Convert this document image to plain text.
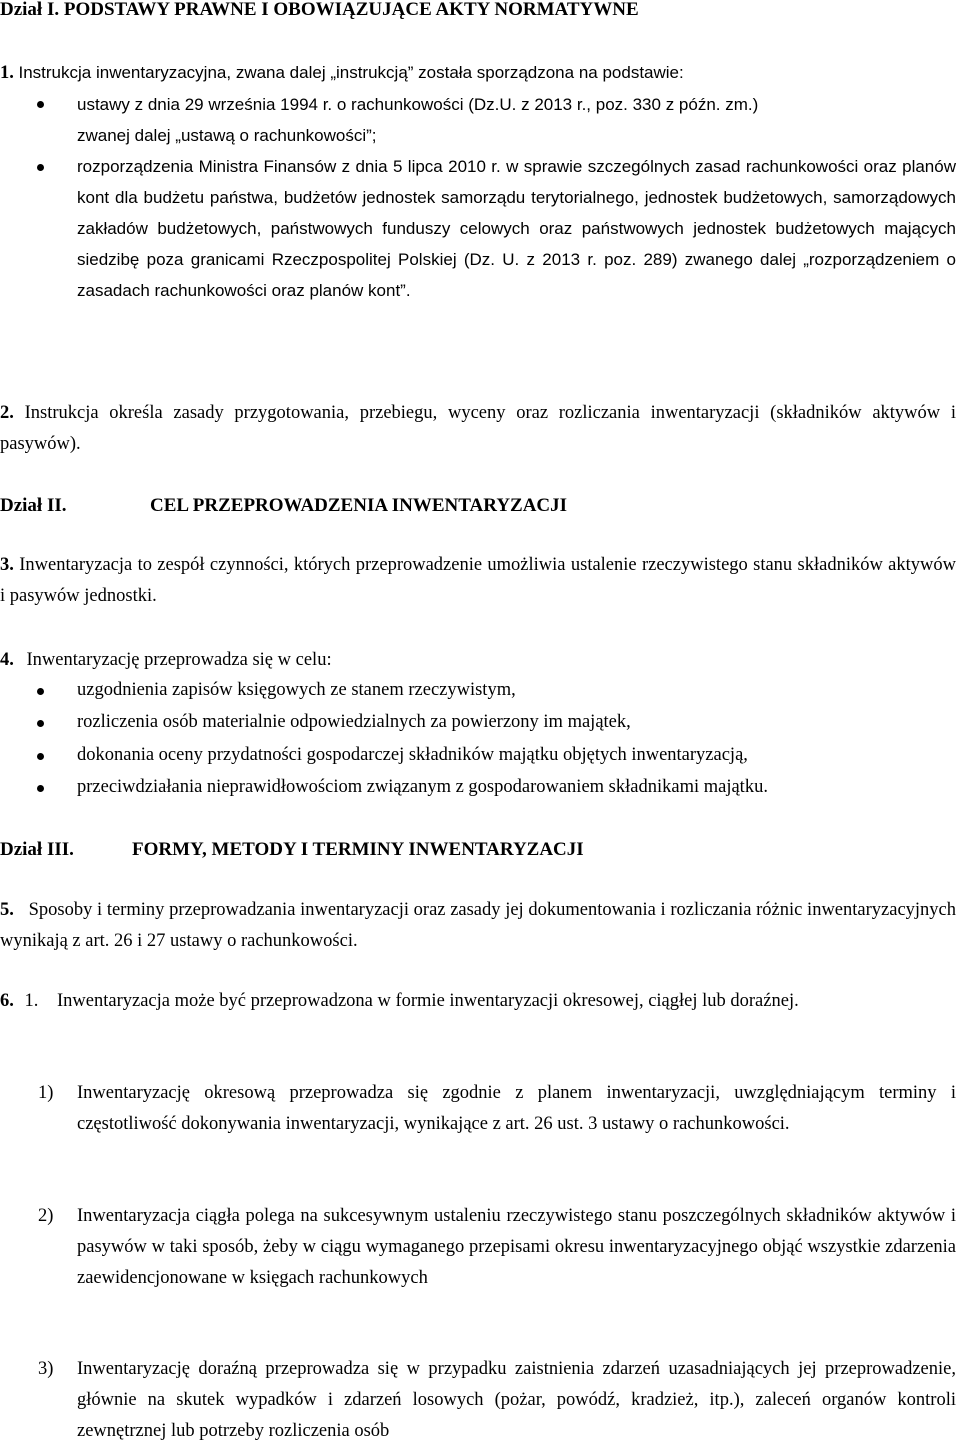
Dział I. PODSTAWY PRAWNE I OBOWIĄZUJĄCE AKTY NORMATYWNE
1. Instrukcja inwentaryzacyjna, zwana dalej „instrukcją” została sporządzona na podstawie:
ustawy z dnia 29 września 1994 r. o rachunkowości (Dz.U. z 2013 r., poz. 330 z późn. zm.)
zwanej dalej „ustawą o rachunkowości”;
rozporządzenia Ministra Finansów z dnia 5 lipca 2010 r. w sprawie szczególnych zasad rachunkowości oraz planów kont dla budżetu państwa, budżetów jednostek samorządu terytorialnego, jednostek budżetowych, samorządowych zakładów budżetowych, państwowych funduszy celowych oraz państwowych jednostek budżetowych mających siedzibę poza granicami Rzeczpospolitej Polskiej (Dz. U. z 2013 r. poz. 289) zwanego dalej „rozporządzeniem o zasadach rachunkowości oraz planów kont”.
2. Instrukcja określa zasady przygotowania, przebiegu, wyceny oraz rozliczania inwentaryzacji (składników aktywów i pasywów).
Dział II.	CEL PRZEPROWADZENIA INWENTARYZACJI
3. Inwentaryzacja to zespół czynności, których przeprowadzenie umożliwia ustalenie rzeczywistego stanu składników aktywów i pasywów jednostki.
4. Inwentaryzację przeprowadza się w celu:
uzgodnienia zapisów księgowych ze stanem rzeczywistym,
rozliczenia osób materialnie odpowiedzialnych za powierzony im majątek,
dokonania oceny przydatności gospodarczej składników majątku objętych inwentaryzacją,
przeciwdziałania nieprawidłowościom związanym z gospodarowaniem składnikami majątku.
Dział III.	FORMY, METODY I TERMINY INWENTARYZACJI
5. Sposoby i terminy przeprowadzania inwentaryzacji oraz zasady jej dokumentowania i rozliczania różnic inwentaryzacyjnych wynikają z art. 26 i 27 ustawy o rachunkowości.
6. 1. Inwentaryzacja może być przeprowadzona w formie inwentaryzacji okresowej, ciągłej lub doraźnej.
1) Inwentaryzację okresową przeprowadza się zgodnie z planem inwentaryzacji, uwzględniającym terminy i częstotliwość dokonywania inwentaryzacji, wynikające z art. 26 ust. 3 ustawy o rachunkowości.
2) Inwentaryzacja ciągła polega na sukcesywnym ustaleniu rzeczywistego stanu poszczególnych składników aktywów i pasywów w taki sposób, żeby w ciągu wymaganego przepisami okresu inwentaryzacyjnego objąć wszystkie zdarzenia zaewidencjonowane w księgach rachunkowych
3) Inwentaryzację doraźną przeprowadza się w przypadku zaistnienia zdarzeń uzasadniających jej przeprowadzenie, głównie na skutek wypadków i zdarzeń losowych (pożar, powódź, kradzież, itp.), zaleceń organów kontroli zewnętrznej lub potrzeby rozliczenia osób
